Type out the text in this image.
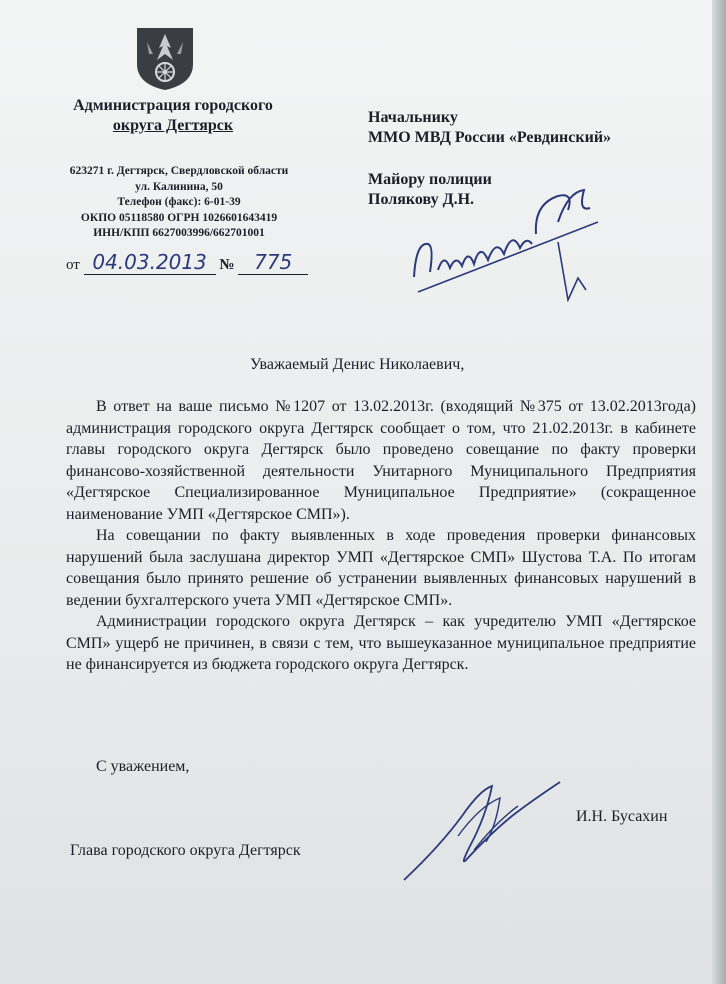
Администрация городского
округа Дегтярск
623271 г. Дегтярск, Свердловской области
ул. Калинина, 50
Телефон (факс): 6-01-39
ОКПО 05118580 ОГРН 1026601643419
ИНН/КПП 6627003996/662701001
от 04.03.2013 № 775
Начальнику
ММО МВД России «Ревдинский»
Майору полиции
Полякову Д.Н.
Уважаемый Денис Николаевич,

В ответ на ваше письмо №1207 от 13.02.2013г. (входящий №375 от 13.02.2013года) администрация городского округа Дегтярск сообщает о том, что 21.02.2013г. в кабинете главы городского округа Дегтярск было проведено совещание по факту проверки финансово-хозяйственной деятельности Унитарного Муниципального Предприятия «Дегтярское Специализированное Муниципальное Предприятие» (сокращенное наименование УМП «Дегтярское СМП»).

На совещании по факту выявленных в ходе проведения проверки финансовых нарушений была заслушана директор УМП «Дегтярское СМП» Шустова Т.А. По итогам совещания было принято решение об устранении выявленных финансовых нарушений в ведении бухгалтерского учета УМП «Дегтярское СМП».

Администрации городского округа Дегтярск – как учредителю УМП «Дегтярское СМП» ущерб не причинен, в связи с тем, что вышеуказанное муниципальное предприятие не финансируется из бюджета городского округа Дегтярск.

С уважением,
Глава городского округа Дегтярск
И.Н. Бусахин
